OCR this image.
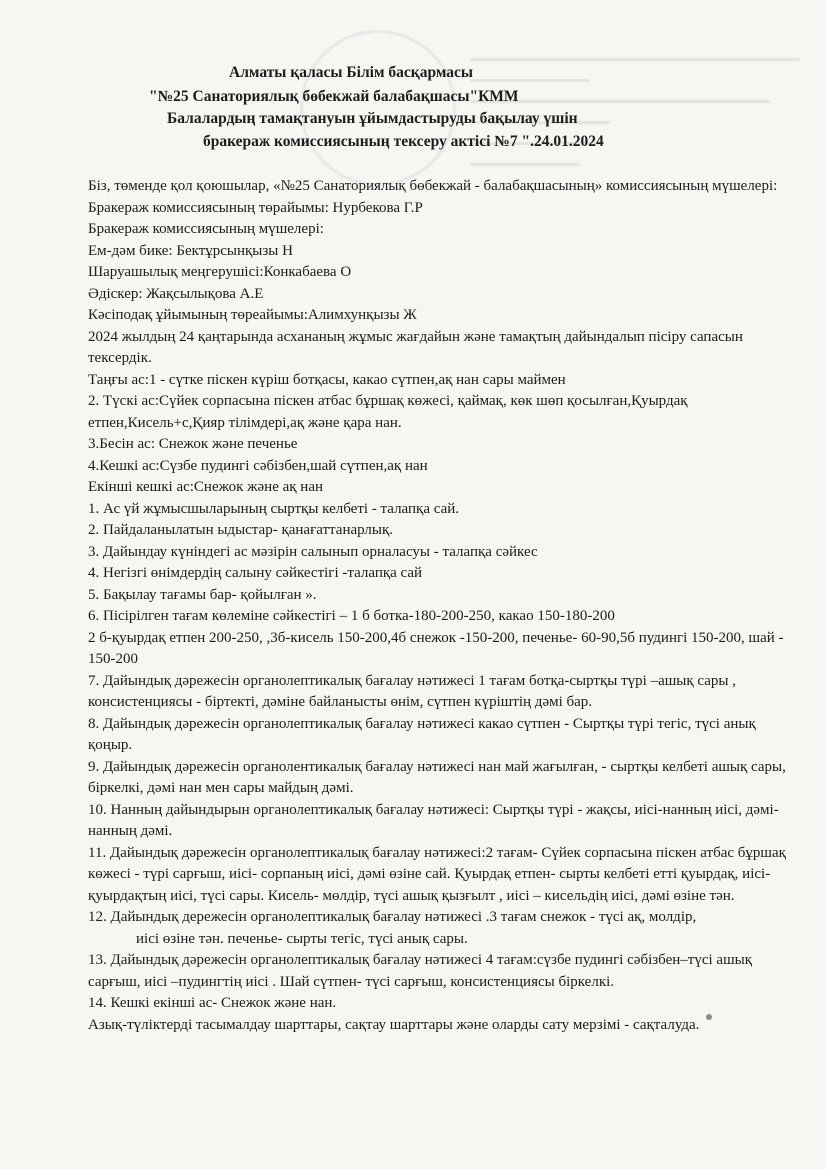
Алматы қаласы Білім басқармасы
"№25 Санаториялық бөбекжай балабақшасы"КММ
Балалардың тамақтануын ұйымдастыруды бақылау үшін
бракераж комиссиясының тексеру актісі №7 ".24.01.2024

Біз, төменде қол қоюшылар, «№25 Санаториялық бөбекжай - балабақшасының» комиссиясының мүшелері:

Бракераж комиссиясының төрайымы: Нурбекова Г.Р

Бракераж комиссиясының мүшелері:

Ем-дәм бике: Бектұрсынқызы Н

Шаруашылық меңгерушісі:Конкабаева О

Әдіскер: Жақсылықова А.Е

Кәсіподақ ұйымының төреайымы:Алимхунқызы Ж

2024 жылдың 24 қаңтарында асхананың жұмыс жағдайын және тамақтың дайындалып пісіру сапасын тексердік.

Таңғы ас:1 - сүтке піскен күріш ботқасы, какао сүтпен,ақ нан сары маймен

2. Түскі ас:Сүйек сорпасына піскен атбас бұршақ көжесі, қаймақ, көк шөп қосылған,Қуырдақ етпен,Кисель+с,Қияр тілімдері,ақ және қара нан.

3.Бесін ас: Снежок және печенье

4.Кешкі ас:Сүзбе пудингі сәбізбен,шай сүтпен,ақ нан

Екінші кешкі ас:Снежок және ақ нан

1. Ас үй жұмысшыларының сыртқы келбеті - талапқа сай.

2. Пайдаланылатын ыдыстар- қанағаттанарлық.

3. Дайындау күніндегі ас мәзірін салынып орналасуы - талапқа сәйкес

4. Негізгі өнімдердің салыну сәйкестігі -талапқа сай

5. Бақылау тағамы бар- қойылған ».

6. Пісірілген тағам көлеміне сәйкестігі – 1 б ботка-180-200-250, какао 150-180-200

2 б-қуырдақ етпен 200-250, ,3б-кисель 150-200,4б снежок -150-200, печенье- 60-90,5б пудингі 150-200, шай - 150-200

7. Дайындық дәрежесін органолептикалық бағалау нәтижесі 1 тағам ботқа-сыртқы түрі –ашық сары , консистенциясы - біртекті, дәміне байланысты өнім, сүтпен күріштің дәмі бар.

8. Дайындық дәрежесін органолептикалық бағалау нәтижесі какао сүтпен - Сыртқы түрі тегіс, түсі анық қоңыр.

9. Дайындық дәрежесін органолентикалық бағалау нәтижесі нан май жағылған, - сыртқы келбеті ашық сары, біркелкі, дәмі нан мен сары майдың дәмі.

10. Нанның дайындырын органолептикалық бағалау нәтижесі: Сыртқы түрі - жақсы, иісі-нанның иісі, дәмі-нанның дәмі.

11. Дайындық дәрежесін органолептикалық бағалау нәтижесі:2 тағам- Сүйек сорпасына піскен атбас бұршақ көжесі - түрі сарғыш, иісі- сорпаның иісі, дәмі өзіне сай. Қуырдақ етпен- сырты келбеті етті қуырдақ, иісі- қуырдақтың иісі, түсі сары. Кисель- мөлдір, түсі ашық қызғылт , иісі – кисельдің иісі, дәмі өзіне тән.

12. Дайындық дережесін органолептикалық бағалау нәтижесі .3 тағам снежок - түсі ақ, молдір,

иісі өзіне тән. печенье- сырты тегіс, түсі анық сары.

13. Дайындық дәрежесін органолептикалық бағалау нәтижесі 4 тағам:сүзбе пудингі сәбізбен–түсі ашық сарғыш, иісі –пудингтің иісі . Шай сүтпен- түсі сарғыш, консистенциясы біркелкі.

14. Кешкі екінші ас- Снежок және нан.

Азық-түліктерді тасымалдау шарттары, сақтау шарттары және оларды сату мерзімі - сақталуда.
